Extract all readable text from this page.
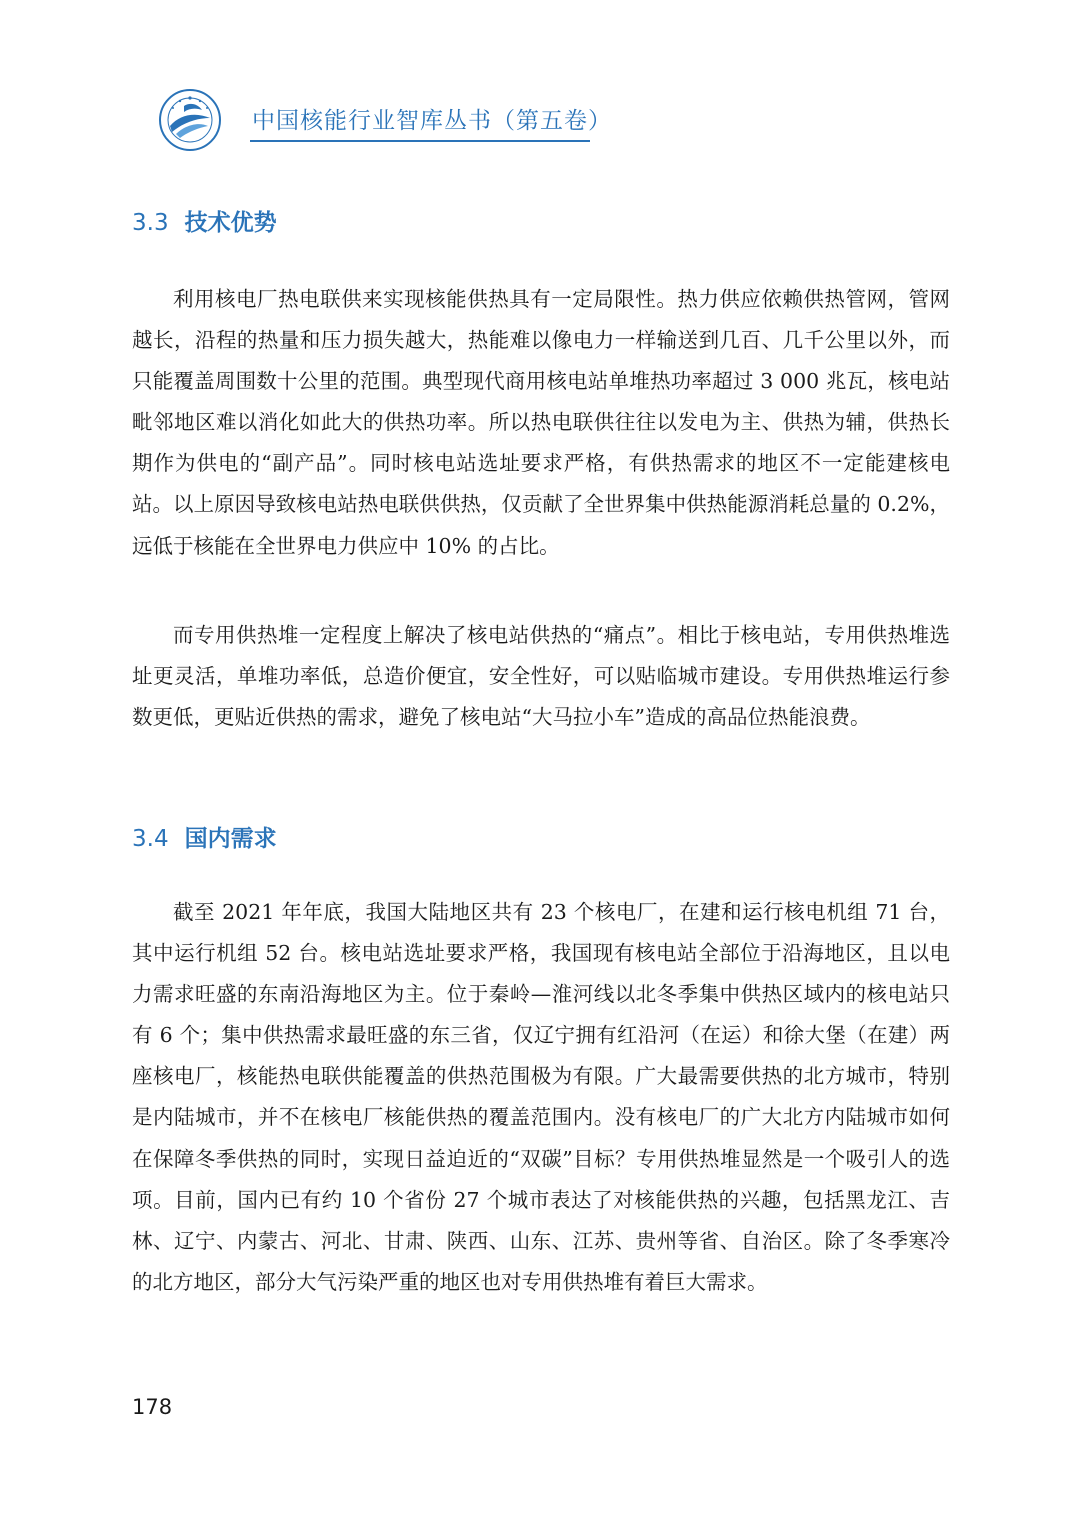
中国核能行业智库丛书（第五卷）
3.3 技术优势

利用核电厂热电联供来实现核能供热具有一定局限性。热力供应依赖供热管网，管网越长，沿程的热量和压力损失越大，热能难以像电力一样输送到几百、几千公里以外，而只能覆盖周围数十公里的范围。典型现代商用核电站单堆热功率超过 3 000 兆瓦，核电站毗邻地区难以消化如此大的供热功率。所以热电联供往往以发电为主、供热为辅，供热长期作为供电的“副产品”。同时核电站选址要求严格，有供热需求的地区不一定能建核电站。以上原因导致核电站热电联供供热，仅贡献了全世界集中供热能源消耗总量的 0.2%，远低于核能在全世界电力供应中 10% 的占比。

而专用供热堆一定程度上解决了核电站供热的“痛点”。相比于核电站，专用供热堆选址更灵活，单堆功率低，总造价便宜，安全性好，可以贴临城市建设。专用供热堆运行参数更低，更贴近供热的需求，避免了核电站“大马拉小车”造成的高品位热能浪费。

3.4 国内需求

截至 2021 年年底，我国大陆地区共有 23 个核电厂，在建和运行核电机组 71 台，其中运行机组 52 台。核电站选址要求严格，我国现有核电站全部位于沿海地区，且以电力需求旺盛的东南沿海地区为主。位于秦岭—淮河线以北冬季集中供热区域内的核电站只有 6 个；集中供热需求最旺盛的东三省，仅辽宁拥有红沿河（在运）和徐大堡（在建）两座核电厂，核能热电联供能覆盖的供热范围极为有限。广大最需要供热的北方城市，特别是内陆城市，并不在核电厂核能供热的覆盖范围内。没有核电厂的广大北方内陆城市如何在保障冬季供热的同时，实现日益迫近的“双碳”目标？专用供热堆显然是一个吸引人的选项。目前，国内已有约 10 个省份 27 个城市表达了对核能供热的兴趣，包括黑龙江、吉林、辽宁、内蒙古、河北、甘肃、陕西、山东、江苏、贵州等省、自治区。除了冬季寒冷的北方地区，部分大气污染严重的地区也对专用供热堆有着巨大需求。

178
